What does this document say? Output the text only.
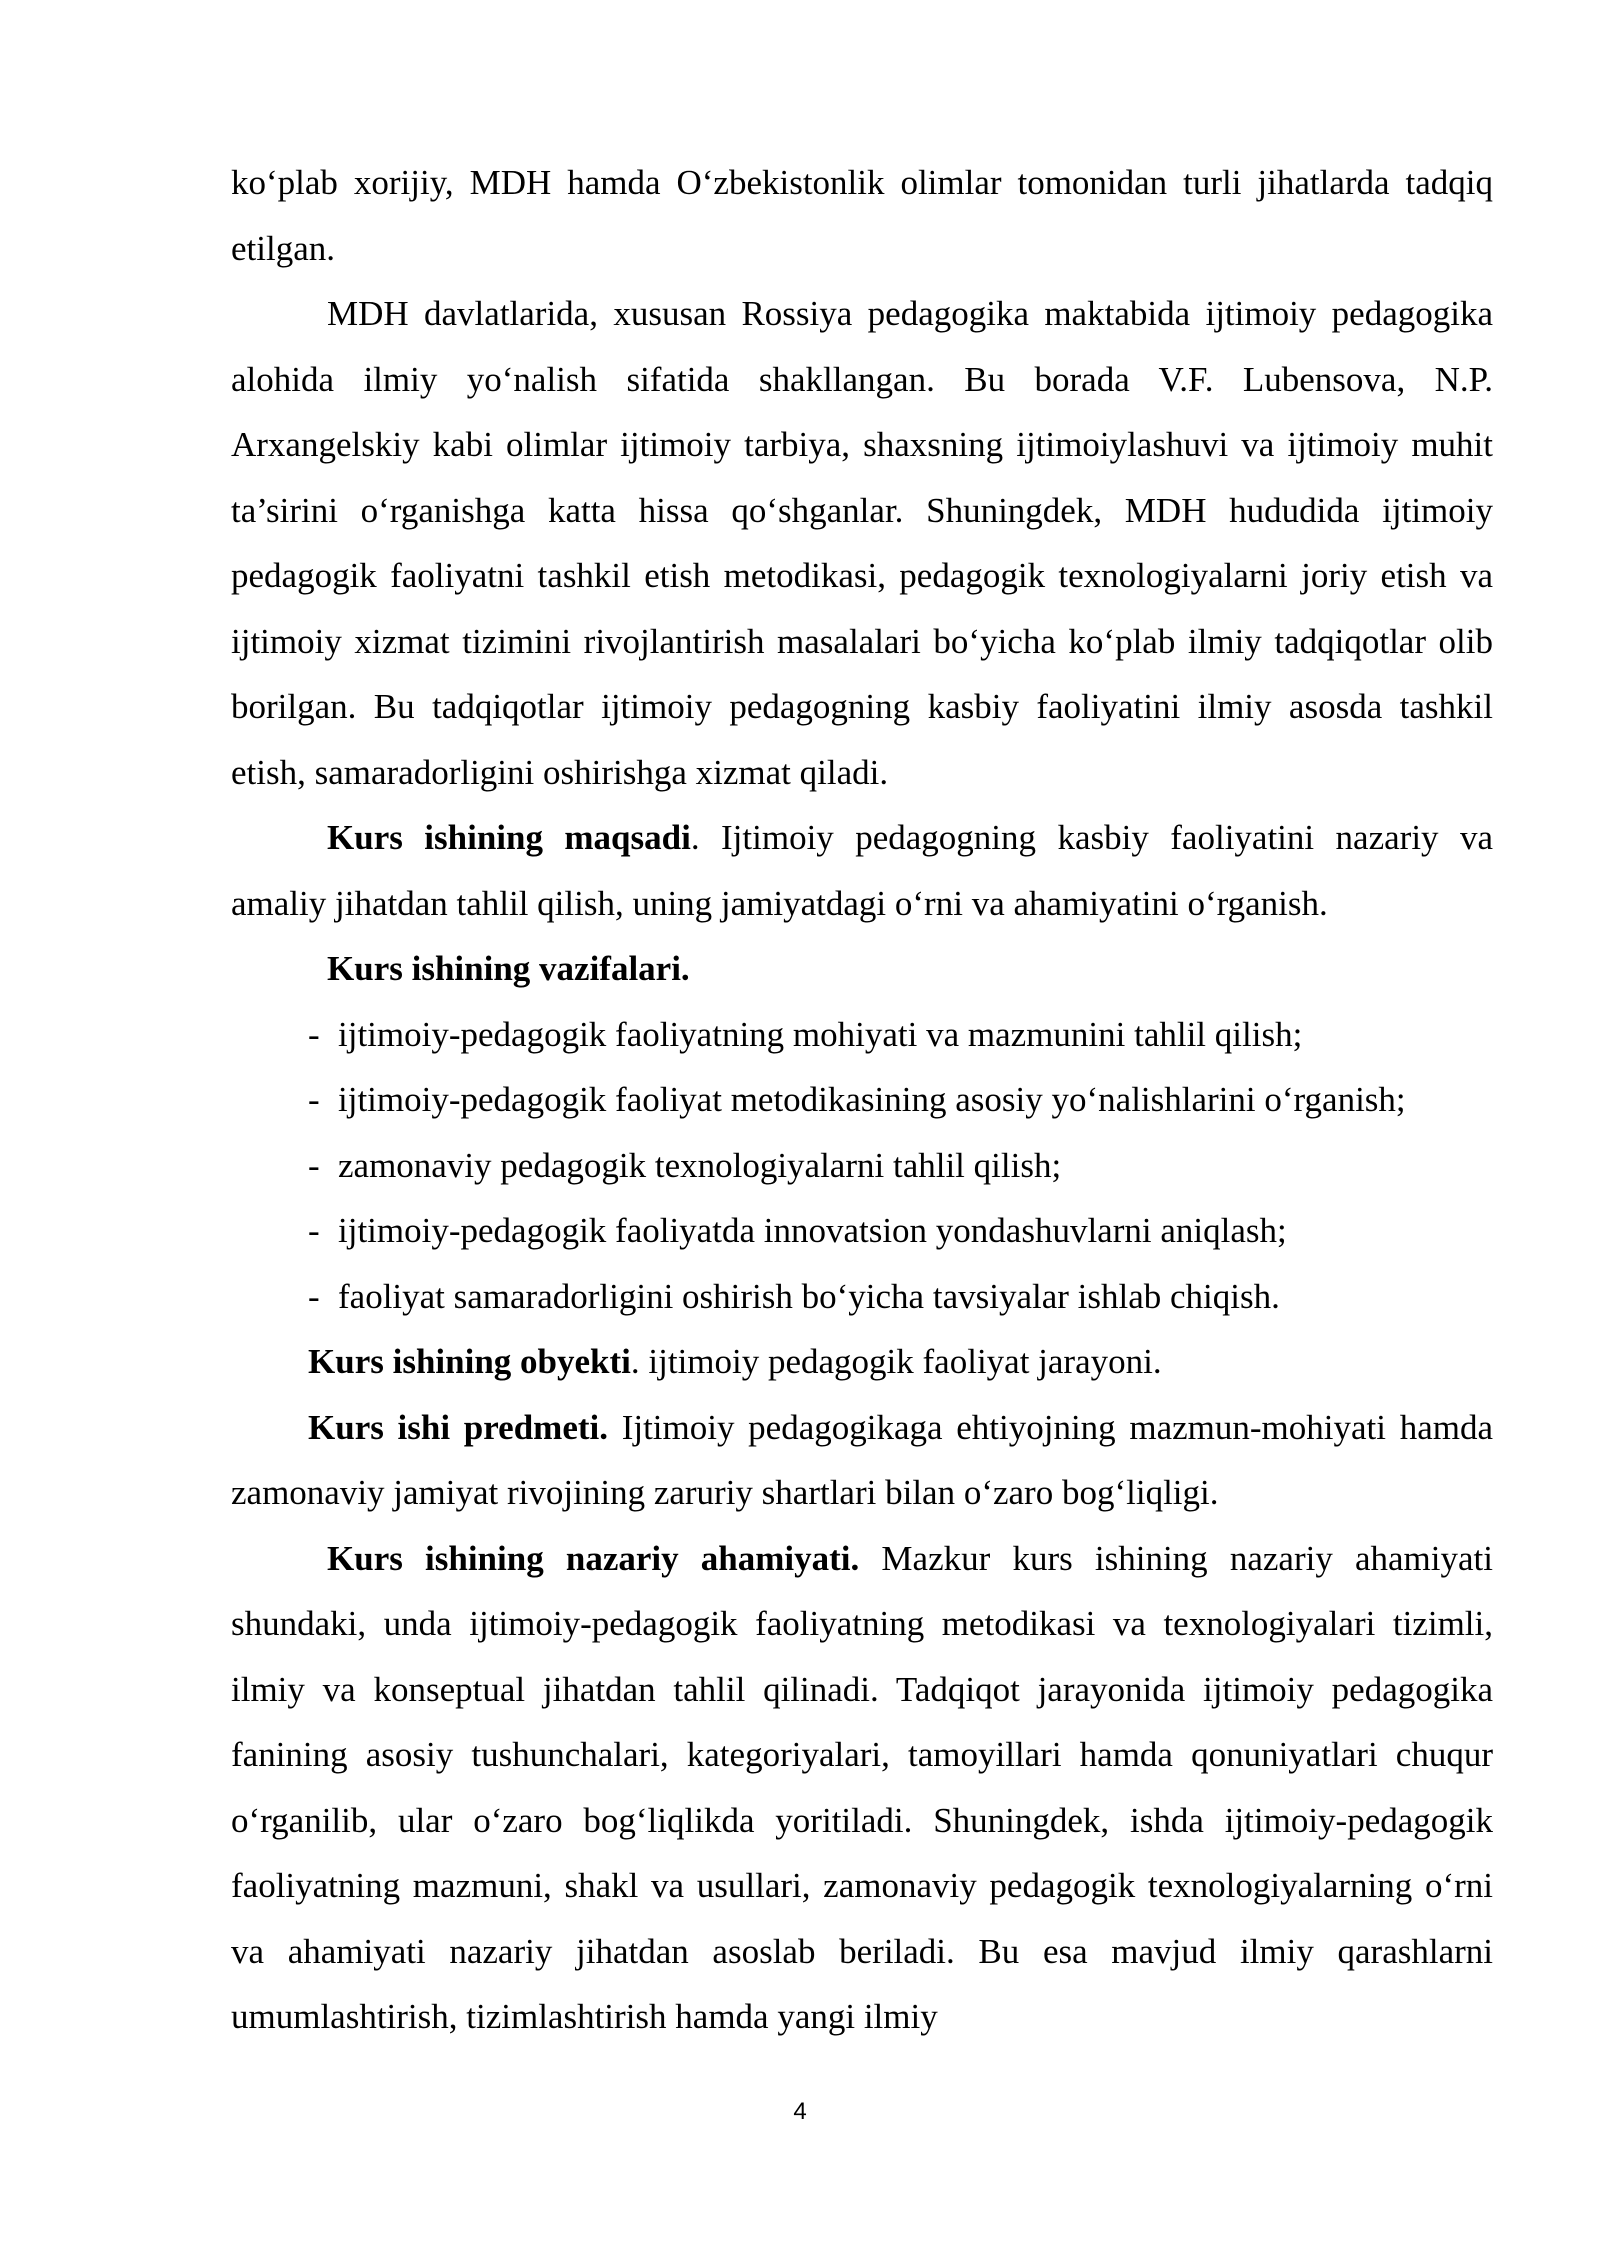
ko‘plab xorijiy, MDH hamda O‘zbekistonlik olimlar tomonidan turli jihatlarda tadqiq etilgan.

MDH davlatlarida, xususan Rossiya pedagogika maktabida ijtimoiy pedagogika alohida ilmiy yo‘nalish sifatida shakllangan. Bu borada V.F. Lubensova, N.P. Arxangelskiy kabi olimlar ijtimoiy tarbiya, shaxsning ijtimoiylashuvi va ijtimoiy muhit ta’sirini o‘rganishga katta hissa qo‘shganlar. Shuningdek, MDH hududida ijtimoiy pedagogik faoliyatni tashkil etish metodikasi, pedagogik texnologiyalarni joriy etish va ijtimoiy xizmat tizimini rivojlantirish masalalari bo‘yicha ko‘plab ilmiy tadqiqotlar olib borilgan. Bu tadqiqotlar ijtimoiy pedagogning kasbiy faoliyatini ilmiy asosda tashkil etish, samaradorligini oshirishga xizmat qiladi.

Kurs ishining maqsadi. Ijtimoiy pedagogning kasbiy faoliyatini nazariy va amaliy jihatdan tahlil qilish, uning jamiyatdagi o‘rni va ahamiyatini o‘rganish.

Kurs ishining vazifalari.

- ijtimoiy-pedagogik faoliyatning mohiyati va mazmunini tahlil qilish;
- ijtimoiy-pedagogik faoliyat metodikasining asosiy yo‘nalishlarini o‘rganish;
- zamonaviy pedagogik texnologiyalarni tahlil qilish;
- ijtimoiy-pedagogik faoliyatda innovatsion yondashuvlarni aniqlash;
- faoliyat samaradorligini oshirish bo‘yicha tavsiyalar ishlab chiqish.

Kurs ishining obyekti. ijtimoiy pedagogik faoliyat jarayoni.

Kurs ishi predmeti. Ijtimoiy pedagogikaga ehtiyojning mazmun-mohiyati hamda zamonaviy jamiyat rivojining zaruriy shartlari bilan o‘zaro bog‘liqligi.

Kurs ishining nazariy ahamiyati. Mazkur kurs ishining nazariy ahamiyati shundaki, unda ijtimoiy-pedagogik faoliyatning metodikasi va texnologiyalari tizimli, ilmiy va konseptual jihatdan tahlil qilinadi. Tadqiqot jarayonida ijtimoiy pedagogika fanining asosiy tushunchalari, kategoriyalari, tamoyillari hamda qonuniyatlari chuqur o‘rganilib, ular o‘zaro bog‘liqlikda yoritiladi. Shuningdek, ishda ijtimoiy-pedagogik faoliyatning mazmuni, shakl va usullari, zamonaviy pedagogik texnologiyalarning o‘rni va ahamiyati nazariy jihatdan asoslab beriladi. Bu esa mavjud ilmiy qarashlarni umumlashtirish, tizimlashtirish hamda yangi ilmiy

4
